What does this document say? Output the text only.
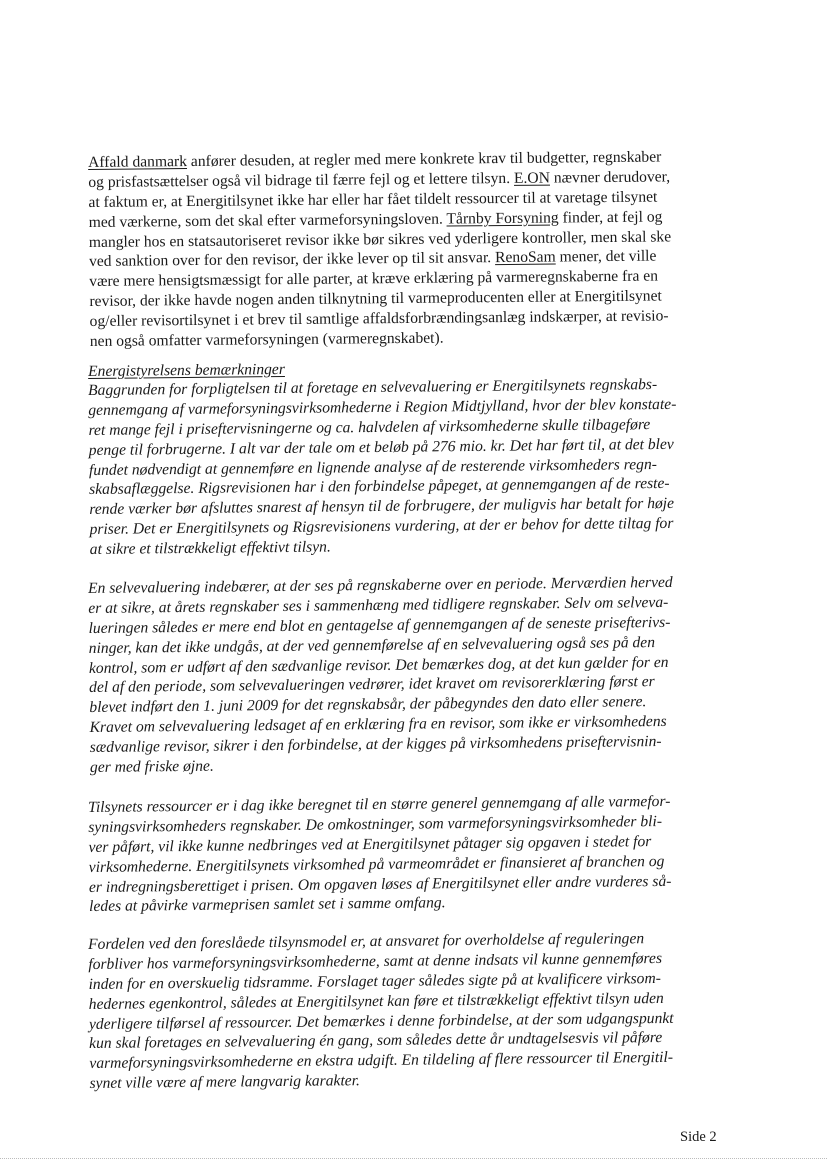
Affald danmark anfører desuden, at regler med mere konkrete krav til budgetter, regnskaber
og prisfastsættelser også vil bidrage til færre fejl og et lettere tilsyn. E.ON nævner derudover,
at faktum er, at Energitilsynet ikke har eller har fået tildelt ressourcer til at varetage tilsynet
med værkerne, som det skal efter varmeforsyningsloven. Tårnby Forsyning finder, at fejl og
mangler hos en statsautoriseret revisor ikke bør sikres ved yderligere kontroller, men skal ske
ved sanktion over for den revisor, der ikke lever op til sit ansvar. RenoSam mener, det ville
være mere hensigtsmæssigt for alle parter, at kræve erklæring på varmeregnskaberne fra en
revisor, der ikke havde nogen anden tilknytning til varmeproducenten eller at Energitilsynet
og/eller revisortilsynet i et brev til samtlige affaldsforbrændingsanlæg indskærper, at revisio-
nen også omfatter varmeforsyningen (varmeregnskabet).
Energistyrelsens bemærkninger
Baggrunden for forpligtelsen til at foretage en selvevaluering er Energitilsynets regnskabs-
gennemgang af varmeforsyningsvirksomhederne i Region Midtjylland, hvor der blev konstate-
ret mange fejl i priseftervisningerne og ca. halvdelen af virksomhederne skulle tilbageføre
penge til forbrugerne. I alt var der tale om et beløb på 276 mio. kr. Det har ført til, at det blev
fundet nødvendigt at gennemføre en lignende analyse af de resterende virksomheders regn-
skabsaflæggelse. Rigsrevisionen har i den forbindelse påpeget, at gennemgangen af de reste-
rende værker bør afsluttes snarest af hensyn til de forbrugere, der muligvis har betalt for høje
priser. Det er Energitilsynets og Rigsrevisionens vurdering, at der er behov for dette tiltag for
at sikre et tilstrækkeligt effektivt tilsyn.
En selvevaluering indebærer, at der ses på regnskaberne over en periode. Merværdien herved
er at sikre, at årets regnskaber ses i sammenhæng med tidligere regnskaber. Selv om selveva-
lueringen således er mere end blot en gentagelse af gennemgangen af de seneste prisefterivs-
ninger, kan det ikke undgås, at der ved gennemførelse af en selvevaluering også ses på den
kontrol, som er udført af den sædvanlige revisor. Det bemærkes dog, at det kun gælder for en
del af den periode, som selvevalueringen vedrører, idet kravet om revisorerklæring først er
blevet indført den 1. juni 2009 for det regnskabsår, der påbegyndes den dato eller senere.
Kravet om selvevaluering ledsaget af en erklæring fra en revisor, som ikke er virksomhedens
sædvanlige revisor, sikrer i den forbindelse, at der kigges på virksomhedens priseftervisnin-
ger med friske øjne.
Tilsynets ressourcer er i dag ikke beregnet til en større generel gennemgang af alle varmefor-
syningsvirksomheders regnskaber. De omkostninger, som varmeforsyningsvirksomheder bli-
ver påført, vil ikke kunne nedbringes ved at Energitilsynet påtager sig opgaven i stedet for
virksomhederne. Energitilsynets virksomhed på varmeområdet er finansieret af branchen og
er indregningsberettiget i prisen. Om opgaven løses af Energitilsynet eller andre vurderes så-
ledes at påvirke varmeprisen samlet set i samme omfang.
Fordelen ved den foreslåede tilsynsmodel er, at ansvaret for overholdelse af reguleringen
forbliver hos varmeforsyningsvirksomhederne, samt at denne indsats vil kunne gennemføres
inden for en overskuelig tidsramme. Forslaget tager således sigte på at kvalificere virksom-
hedernes egenkontrol, således at Energitilsynet kan føre et tilstrækkeligt effektivt tilsyn uden
yderligere tilførsel af ressourcer. Det bemærkes i denne forbindelse, at der som udgangspunkt
kun skal foretages en selvevaluering én gang, som således dette år undtagelsesvis vil påføre
varmeforsyningsvirksomhederne en ekstra udgift. En tildeling af flere ressourcer til Energitil-
synet ville være af mere langvarig karakter.
Side 2
